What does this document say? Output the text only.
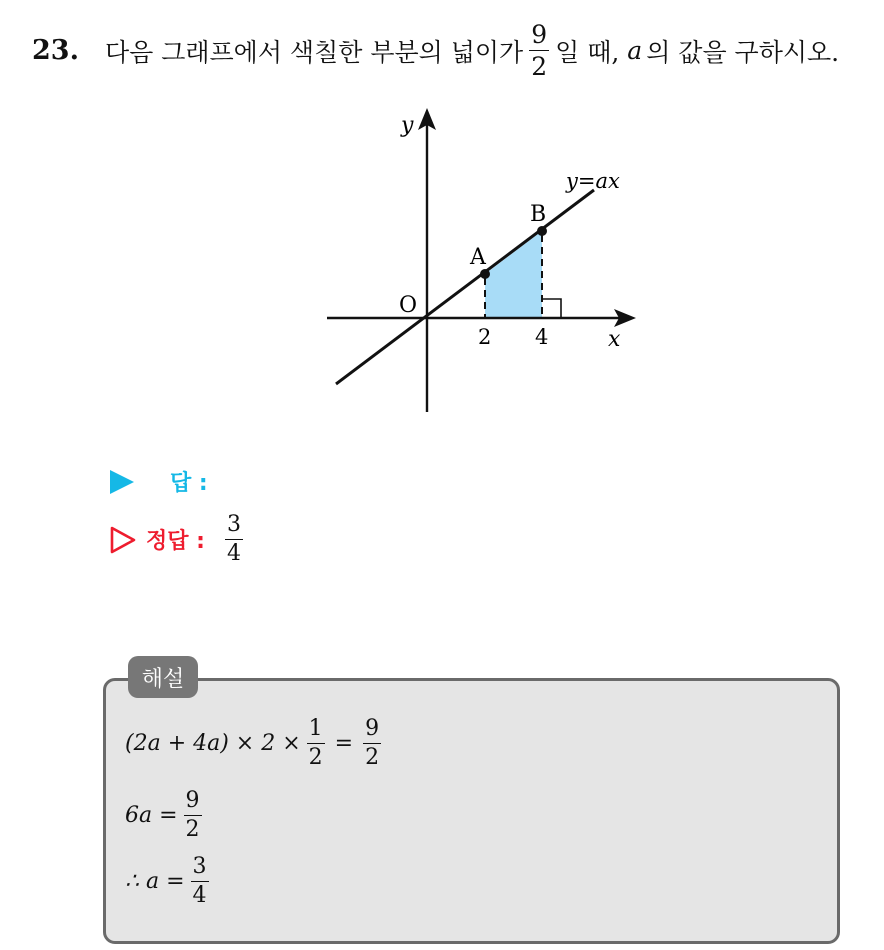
23. 다음 그래프에서 색칠한 부분의 넓이가 $\frac{9}{2}$ 일 때, a 의 값을 구하시오.
y
x
O
y=ax
A
B
2 4
답 :
정답 : $\frac{3}{4}$
해설
$(2a + 4a) \times 2 \times \frac{1}{2} = \frac{9}{2}$
$6a = \frac{9}{2}$
∴ $a = \frac{3}{4}$
